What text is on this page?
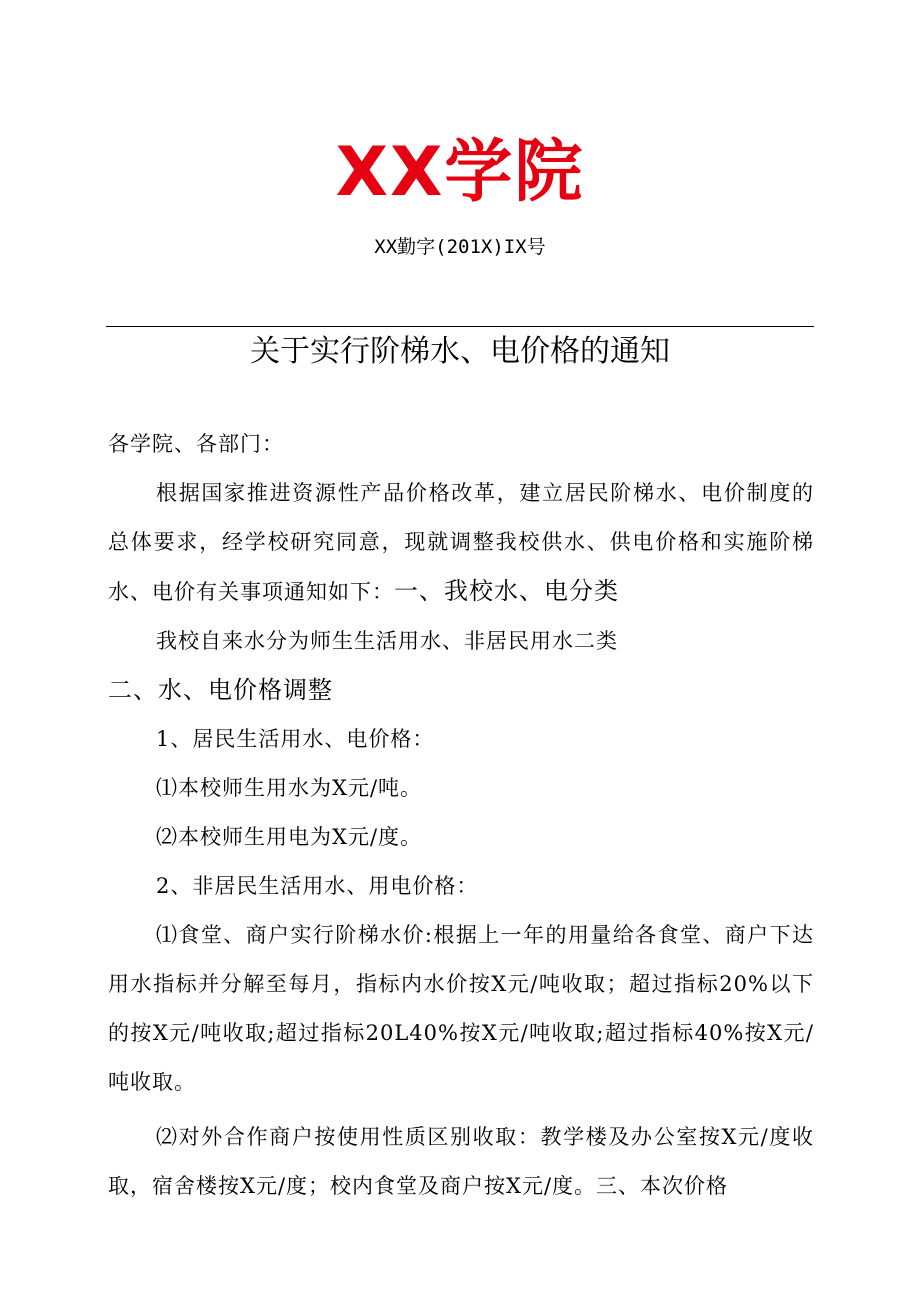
XX学院
XX勤字(201X)IX号
关于实行阶梯水、电价格的通知

各学院、各部门：

根据国家推进资源性产品价格改革，建立居民阶梯水、电价制度的总体要求，经学校研究同意，现就调整我校供水、供电价格和实施阶梯水、电价有关事项通知如下：一、我校水、电分类

我校自来水分为师生生活用水、非居民用水二类

二、水、电价格调整

1、居民生活用水、电价格：

⑴本校师生用水为X元/吨。

⑵本校师生用电为X元/度。

2、非居民生活用水、用电价格：

⑴食堂、商户实行阶梯水价:根据上一年的用量给各食堂、商户下达用水指标并分解至每月，指标内水价按X元/吨收取；超过指标20%以下的按X元/吨收取;超过指标20L40%按X元/吨收取;超过指标40%按X元/吨收取。

⑵对外合作商户按使用性质区别收取：教学楼及办公室按X元/度收取，宿舍楼按X元/度；校内食堂及商户按X元/度。三、本次价格
